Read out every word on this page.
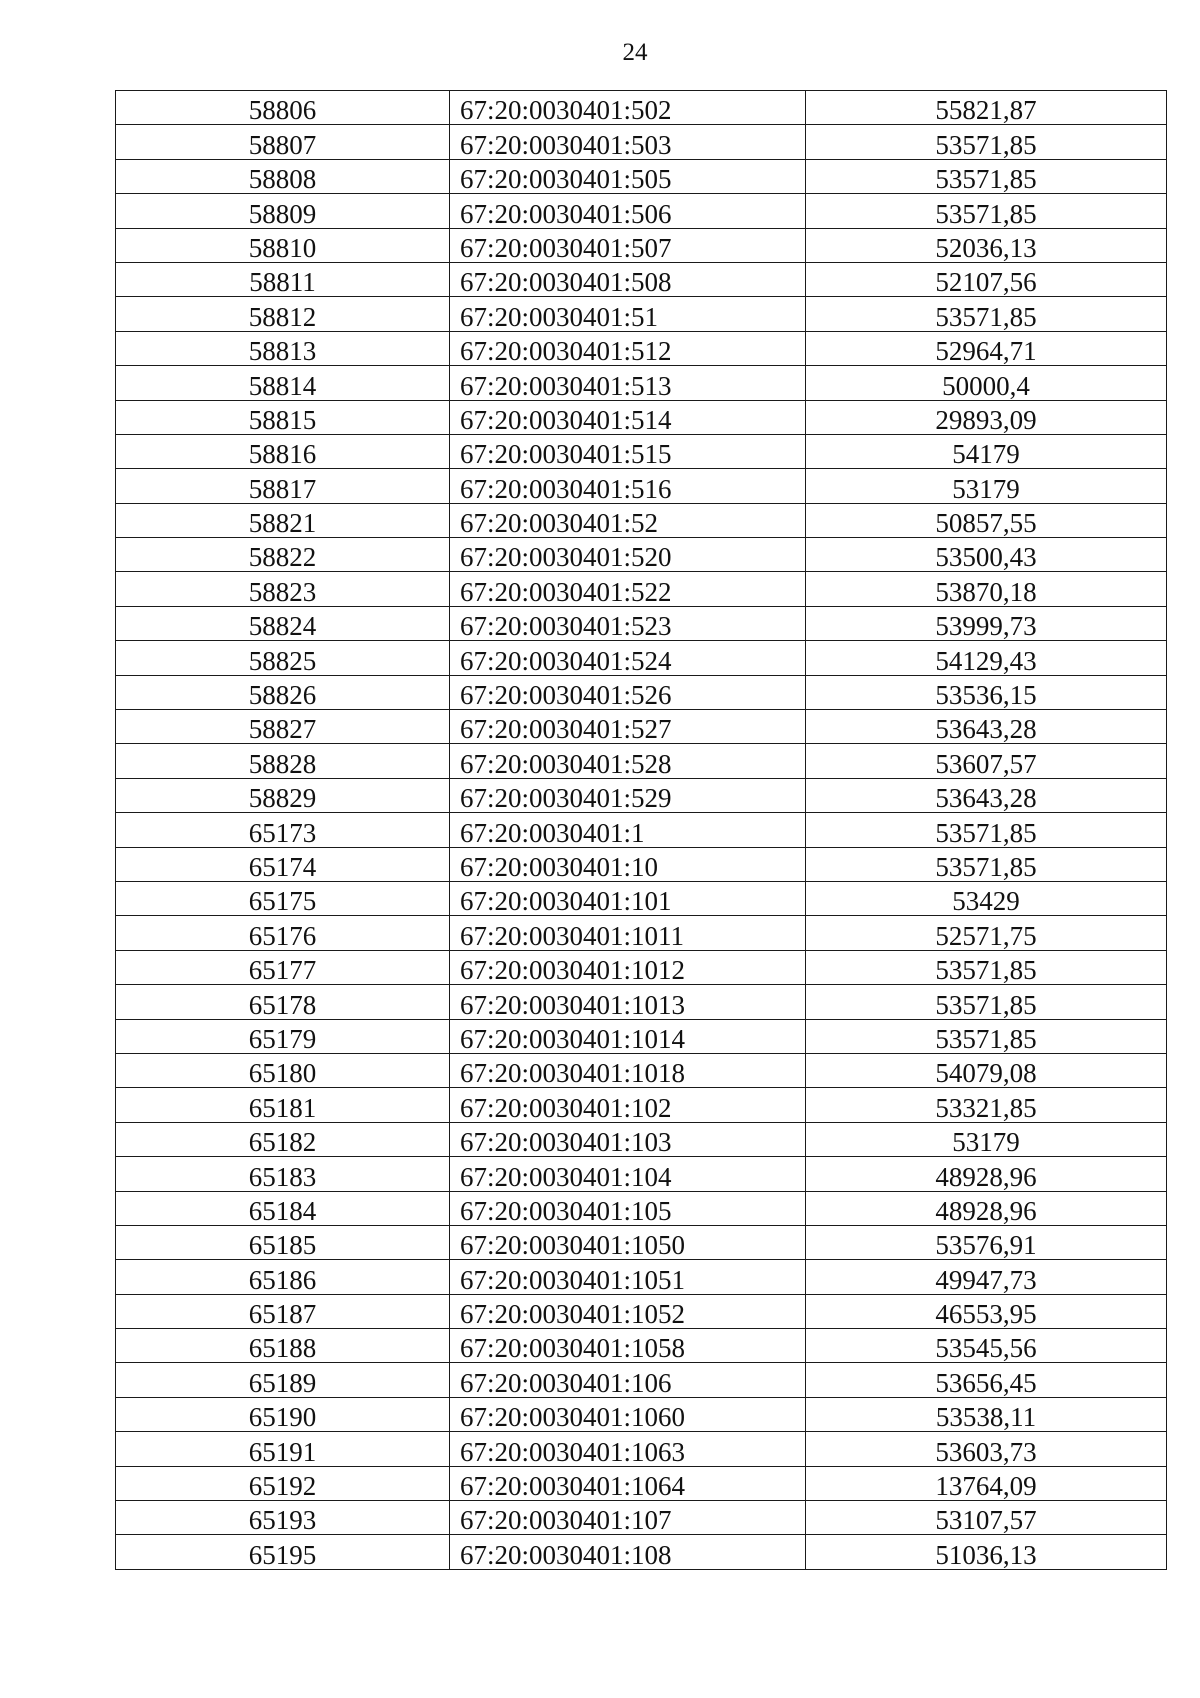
24
58806	67:20:0030401:502	55821,87
58807	67:20:0030401:503	53571,85
58808	67:20:0030401:505	53571,85
58809	67:20:0030401:506	53571,85
58810	67:20:0030401:507	52036,13
58811	67:20:0030401:508	52107,56
58812	67:20:0030401:51	53571,85
58813	67:20:0030401:512	52964,71
58814	67:20:0030401:513	50000,4
58815	67:20:0030401:514	29893,09
58816	67:20:0030401:515	54179
58817	67:20:0030401:516	53179
58821	67:20:0030401:52	50857,55
58822	67:20:0030401:520	53500,43
58823	67:20:0030401:522	53870,18
58824	67:20:0030401:523	53999,73
58825	67:20:0030401:524	54129,43
58826	67:20:0030401:526	53536,15
58827	67:20:0030401:527	53643,28
58828	67:20:0030401:528	53607,57
58829	67:20:0030401:529	53643,28
65173	67:20:0030401:1	53571,85
65174	67:20:0030401:10	53571,85
65175	67:20:0030401:101	53429
65176	67:20:0030401:1011	52571,75
65177	67:20:0030401:1012	53571,85
65178	67:20:0030401:1013	53571,85
65179	67:20:0030401:1014	53571,85
65180	67:20:0030401:1018	54079,08
65181	67:20:0030401:102	53321,85
65182	67:20:0030401:103	53179
65183	67:20:0030401:104	48928,96
65184	67:20:0030401:105	48928,96
65185	67:20:0030401:1050	53576,91
65186	67:20:0030401:1051	49947,73
65187	67:20:0030401:1052	46553,95
65188	67:20:0030401:1058	53545,56
65189	67:20:0030401:106	53656,45
65190	67:20:0030401:1060	53538,11
65191	67:20:0030401:1063	53603,73
65192	67:20:0030401:1064	13764,09
65193	67:20:0030401:107	53107,57
65195	67:20:0030401:108	51036,13
